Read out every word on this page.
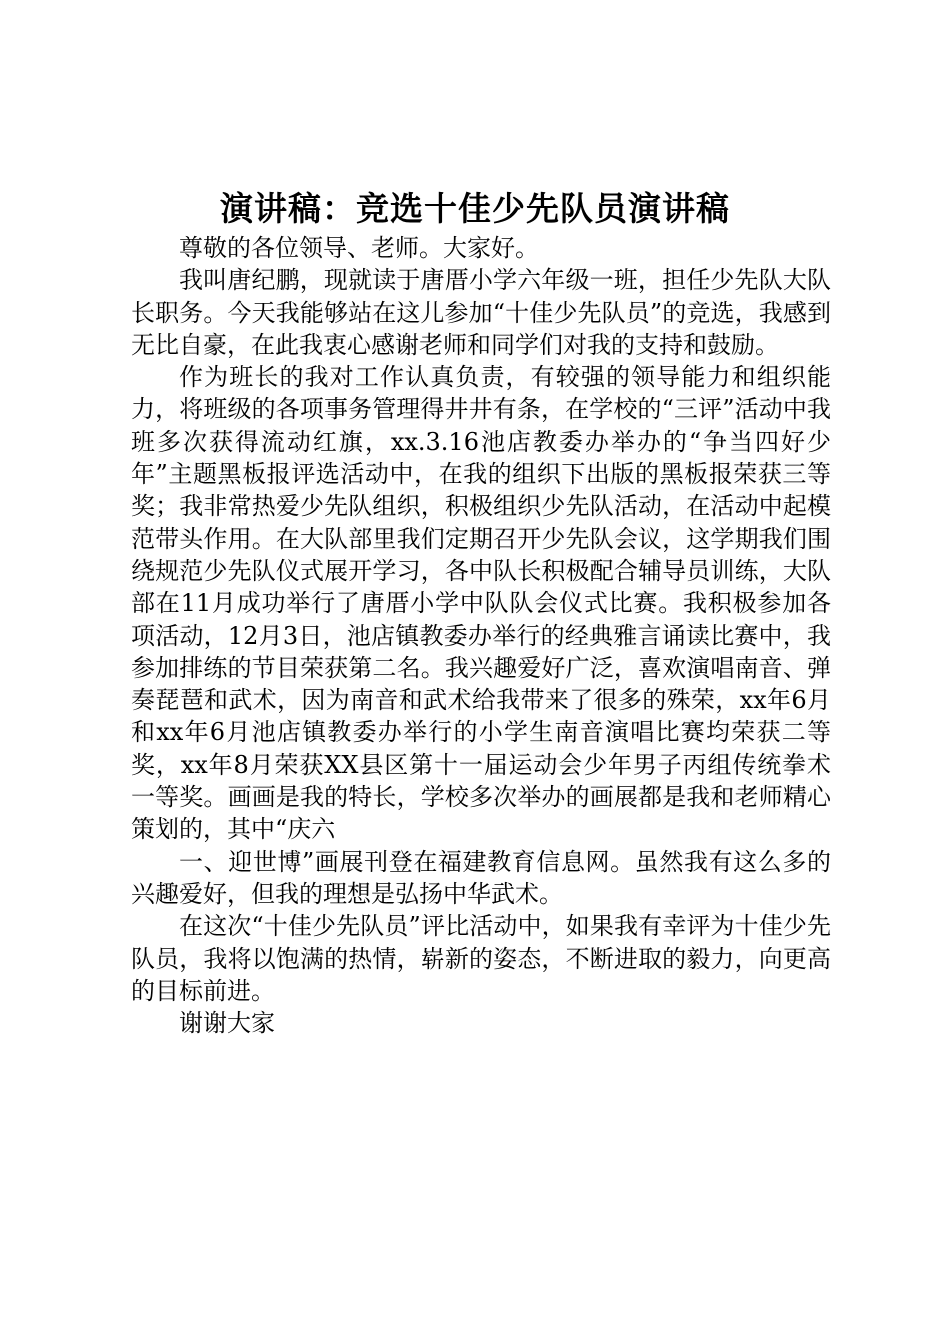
演讲稿：竞选十佳少先队员演讲稿

尊敬的各位领导、老师。大家好。

我叫唐纪鹏，现就读于唐厝小学六年级一班，担任少先队大队长职务。今天我能够站在这儿参加“十佳少先队员”的竞选，我感到无比自豪，在此我衷心感谢老师和同学们对我的支持和鼓励。

作为班长的我对工作认真负责，有较强的领导能力和组织能力，将班级的各项事务管理得井井有条，在学校的“三评”活动中我班多次获得流动红旗，xx.3.16池店教委办举办的“争当四好少年”主题黑板报评选活动中，在我的组织下出版的黑板报荣获三等奖；我非常热爱少先队组织，积极组织少先队活动，在活动中起模范带头作用。在大队部里我们定期召开少先队会议，这学期我们围绕规范少先队仪式展开学习，各中队长积极配合辅导员训练，大队部在11月成功举行了唐厝小学中队队会仪式比赛。我积极参加各项活动，12月3日，池店镇教委办举行的经典雅言诵读比赛中，我参加排练的节目荣获第二名。我兴趣爱好广泛，喜欢演唱南音、弹奏琵琶和武术，因为南音和武术给我带来了很多的殊荣，xx年6月和xx年6月池店镇教委办举行的小学生南音演唱比赛均荣获二等奖，xx年8月荣获XX县区第十一届运动会少年男子丙组传统拳术一等奖。画画是我的特长，学校多次举办的画展都是我和老师精心策划的，其中“庆六

一、迎世博”画展刊登在福建教育信息网。虽然我有这么多的兴趣爱好，但我的理想是弘扬中华武术。

在这次“十佳少先队员”评比活动中，如果我有幸评为十佳少先队员，我将以饱满的热情，崭新的姿态，不断进取的毅力，向更高的目标前进。

谢谢大家
